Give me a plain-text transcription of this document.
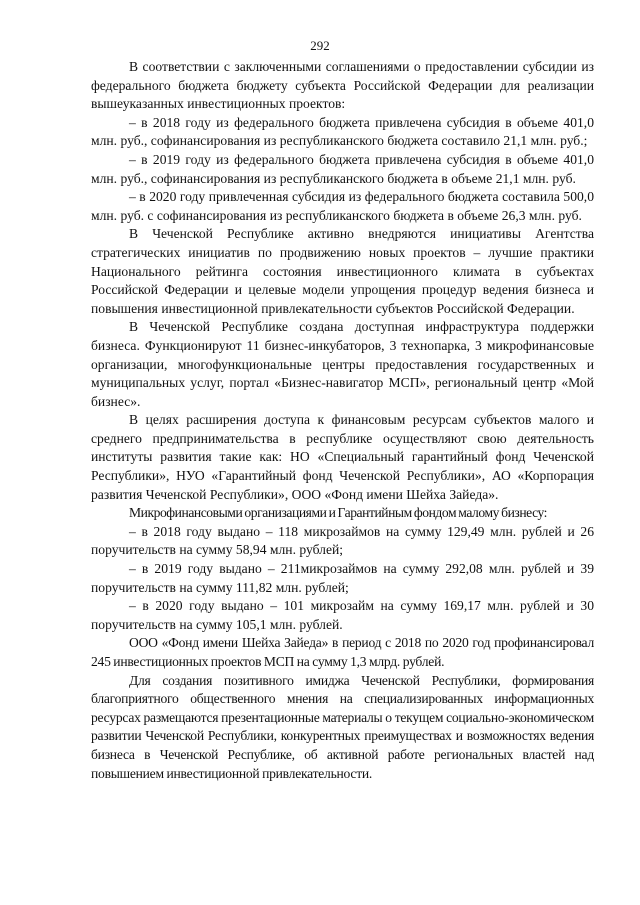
292

В соответствии с заключенными соглашениями о предоставлении субсидии из федерального бюджета бюджету субъекта Российской Федерации для реализации вышеуказанных инвестиционных проектов:

– в 2018 году из федерального бюджета привлечена субсидия в объеме 401,0 млн. руб., софинансирования из республиканского бюджета составило 21,1 млн. руб.;

– в 2019 году из федерального бюджета привлечена субсидия в объеме 401,0 млн. руб., софинансирования из республиканского бюджета в объеме 21,1 млн. руб.

– в 2020 году привлеченная субсидия из федерального бюджета составила 500,0 млн. руб. с софинансирования из республиканского бюджета в объеме 26,3 млн. руб.

В Чеченской Республике активно внедряются инициативы Агентства стратегических инициатив по продвижению новых проектов – лучшие практики Национального рейтинга состояния инвестиционного климата в субъектах Российской Федерации и целевые модели упрощения процедур ведения бизнеса и повышения инвестиционной привлекательности субъектов Российской Федерации.

В Чеченской Республике создана доступная инфраструктура поддержки бизнеса. Функционируют 11 бизнес-инкубаторов, 3 технопарка, 3 микрофинансовые организации, многофункциональные центры предоставления государственных и муниципальных услуг, портал «Бизнес-навигатор МСП», региональный центр «Мой бизнес».

В целях расширения доступа к финансовым ресурсам субъектов малого и среднего предпринимательства в республике осуществляют свою деятельность институты развития такие как: НО «Специальный гарантийный фонд Чеченской Республики», НУО «Гарантийный фонд Чеченской Республики», АО «Корпорация развития Чеченской Республики», ООО «Фонд имени Шейха Зайеда».

Микрофинансовыми организациями и Гарантийным фондом малому бизнесу:

– в 2018 году выдано – 118 микрозаймов на сумму 129,49 млн. рублей и 26 поручительств на сумму 58,94 млн. рублей;

– в 2019 году выдано – 211микрозаймов на сумму 292,08 млн. рублей и 39 поручительств на сумму 111,82 млн. рублей;

– в 2020 году выдано – 101 микрозайм на сумму 169,17 млн. рублей и 30 поручительств на сумму 105,1 млн. рублей.

ООО «Фонд имени Шейха Зайеда» в период с 2018 по 2020 год профинансировал 245 инвестиционных проектов МСП на сумму 1,3 млрд. рублей.

Для создания позитивного имиджа Чеченской Республики, формирования благоприятного общественного мнения на специализированных информационных ресурсах размещаются презентационные материалы о текущем социально-экономическом развитии Чеченской Республики, конкурентных преимуществах и возможностях ведения бизнеса в Чеченской Республике, об активной работе региональных властей над повышением инвестиционной привлекательности.
